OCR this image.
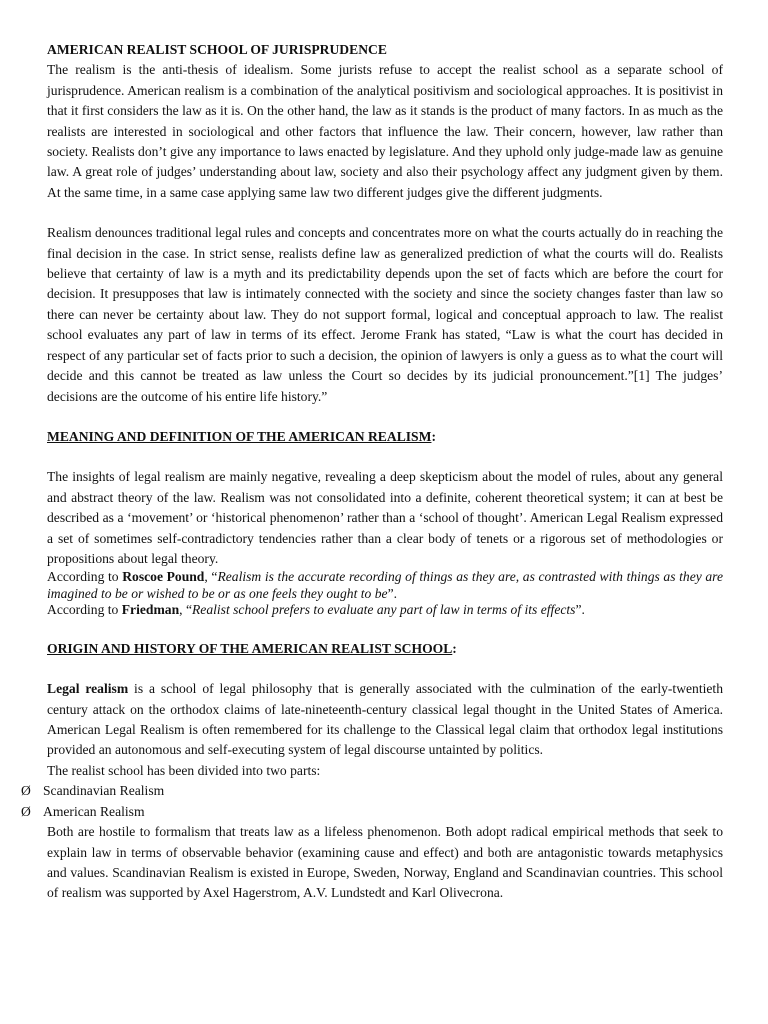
AMERICAN REALIST SCHOOL OF JURISPRUDENCE

The realism is the anti-thesis of idealism. Some jurists refuse to accept the realist school as a separate school of jurisprudence. American realism is a combination of the analytical positivism and sociological approaches. It is positivist in that it first considers the law as it is. On the other hand, the law as it stands is the product of many factors. In as much as the realists are interested in sociological and other factors that influence the law. Their concern, however, law rather than society. Realists don’t give any importance to laws enacted by legislature. And they uphold only judge-made law as genuine law. A great role of judges’ understanding about law, society and also their psychology affect any judgment given by them. At the same time, in a same case applying same law two different judges give the different judgments.

Realism denounces traditional legal rules and concepts and concentrates more on what the courts actually do in reaching the final decision in the case. In strict sense, realists define law as generalized prediction of what the courts will do. Realists believe that certainty of law is a myth and its predictability depends upon the set of facts which are before the court for decision. It presupposes that law is intimately connected with the society and since the society changes faster than law so there can never be certainty about law. They do not support formal, logical and conceptual approach to law. The realist school evaluates any part of law in terms of its effect. Jerome Frank has stated, “Law is what the court has decided in respect of any particular set of facts prior to such a decision, the opinion of lawyers is only a guess as to what the court will decide and this cannot be treated as law unless the Court so decides by its judicial pronouncement.”[1] The judges’ decisions are the outcome of his entire life history.”

MEANING AND DEFINITION OF THE AMERICAN REALISM:

The insights of legal realism are mainly negative, revealing a deep skepticism about the model of rules, about any general and abstract theory of the law. Realism was not consolidated into a definite, coherent theoretical system; it can at best be described as a ‘movement’ or ‘historical phenomenon’ rather than a ‘school of thought’. American Legal Realism expressed a set of sometimes self-contradictory tendencies rather than a clear body of tenets or a rigorous set of methodologies or propositions about legal theory.

According to Roscoe Pound, “Realism is the accurate recording of things as they are, as contrasted with things as they are imagined to be or wished to be or as one feels they ought to be”.

According to Friedman, “Realist school prefers to evaluate any part of law in terms of its effects”.

ORIGIN AND HISTORY OF THE AMERICAN REALIST SCHOOL:

Legal realism is a school of legal philosophy that is generally associated with the culmination of the early-twentieth century attack on the orthodox claims of late-nineteenth-century classical legal thought in the United States of America. American Legal Realism is often remembered for its challenge to the Classical legal claim that orthodox legal institutions provided an autonomous and self-executing system of legal discourse untainted by politics.

The realist school has been divided into two parts:

Ø Scandinavian Realism

Ø American Realism

Both are hostile to formalism that treats law as a lifeless phenomenon. Both adopt radical empirical methods that seek to explain law in terms of observable behavior (examining cause and effect) and both are antagonistic towards metaphysics and values. Scandinavian Realism is existed in Europe, Sweden, Norway, England and Scandinavian countries. This school of realism was supported by Axel Hagerstrom, A.V. Lundstedt and Karl Olivecrona.
